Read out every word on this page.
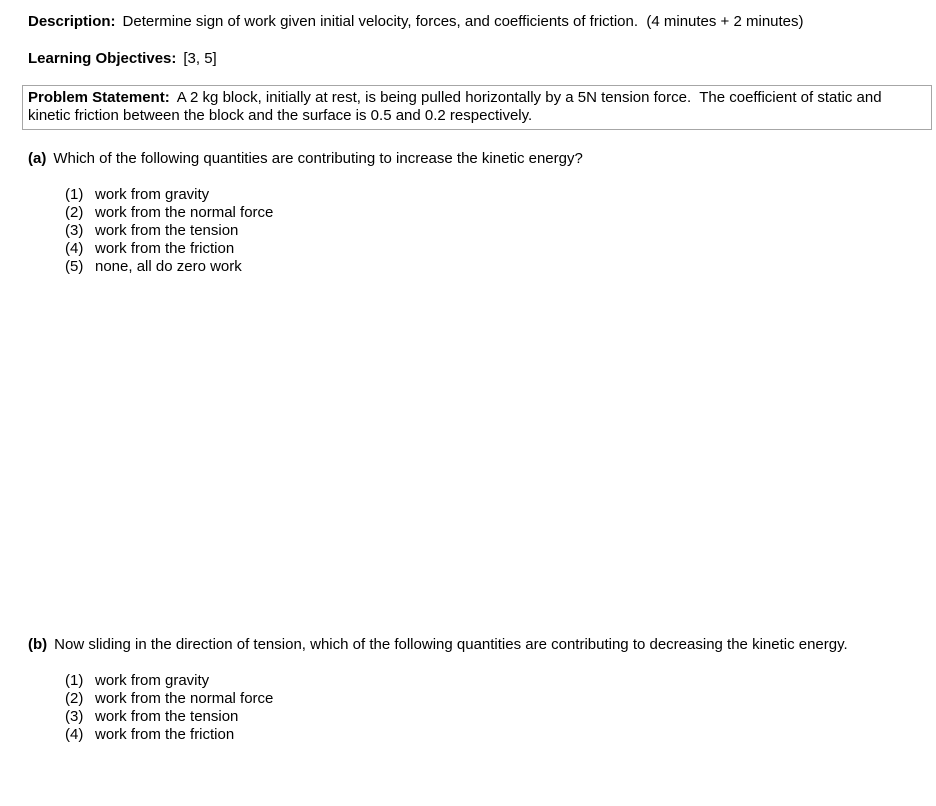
Description: Determine sign of work given initial velocity, forces, and coefficients of friction.  (4 minutes + 2 minutes)

Learning Objectives: [3, 5]

Problem Statement: A 2 kg block, initially at rest, is being pulled horizontally by a 5N tension force.  The coefficient of static and kinetic friction between the block and the surface is 0.5 and 0.2 respectively.

(a) Which of the following quantities are contributing to increase the kinetic energy?

(1) work from gravity
(2) work from the normal force
(3) work from the tension
(4) work from the friction
(5) none, all do zero work

(b) Now sliding in the direction of tension, which of the following quantities are contributing to decreasing the kinetic energy.

(1) work from gravity
(2) work from the normal force
(3) work from the tension
(4) work from the friction
